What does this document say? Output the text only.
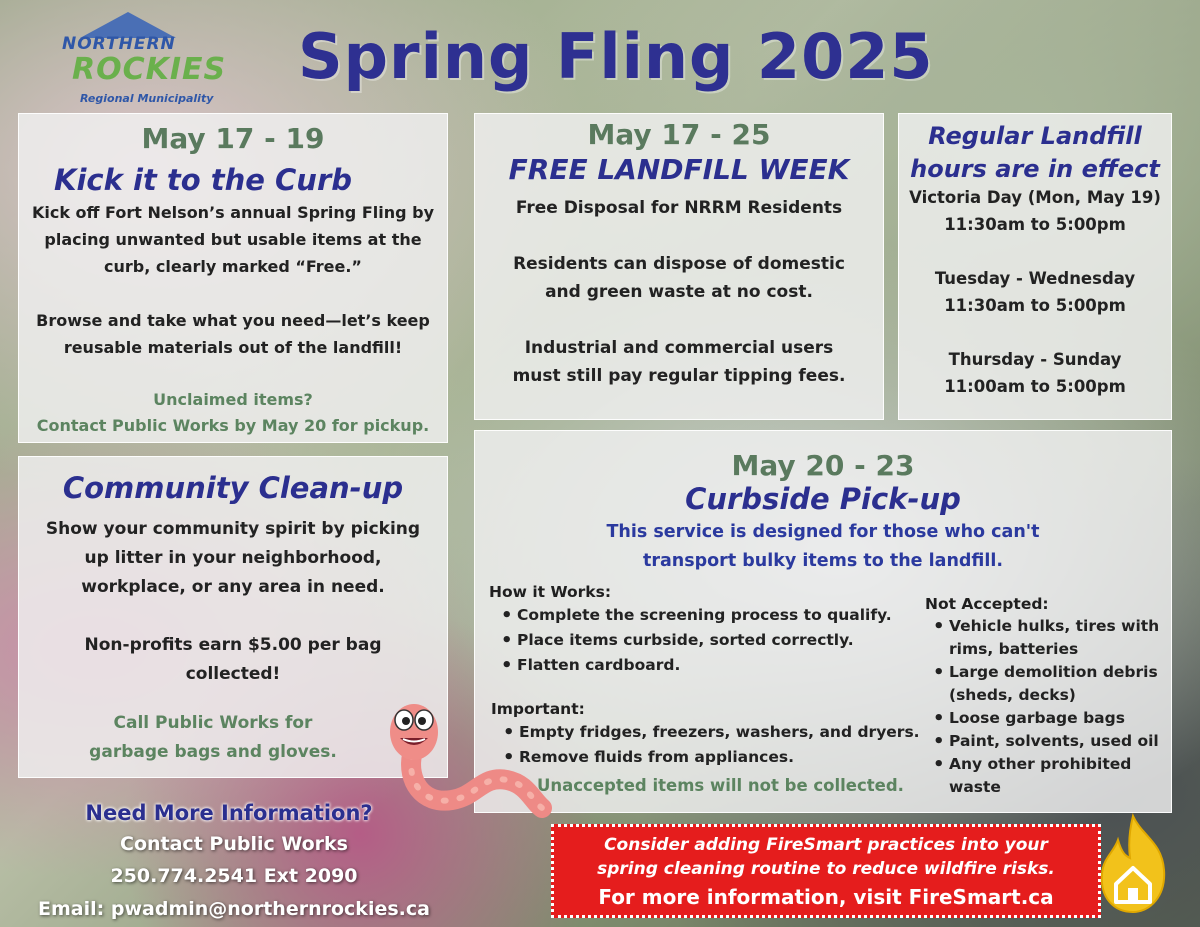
NORTHERN
ROCKIES
Regional Municipality
Spring Fling 2025
May 17 - 19
Kick it to the Curb
Kick off Fort Nelson’s annual Spring Fling by
placing unwanted but usable items at the
curb, clearly marked “Free.”
Browse and take what you need—let’s keep
reusable materials out of the landfill!
Unclaimed items?
Contact Public Works by May 20 for pickup.
May 17 - 25
FREE LANDFILL WEEK
Free Disposal for NRRM Residents
Residents can dispose of domestic
and green waste at no cost.
Industrial and commercial users
must still pay regular tipping fees.
Regular Landfill
hours are in effect
Victoria Day (Mon, May 19)
11:30am to 5:00pm
Tuesday - Wednesday
11:30am to 5:00pm
Thursday - Sunday
11:00am to 5:00pm
Community Clean-up
Show your community spirit by picking
up litter in your neighborhood,
workplace, or any area in need.
Non-profits earn $5.00 per bag
collected!
Call Public Works for
garbage bags and gloves.
May 20 - 23
Curbside Pick-up
This service is designed for those who can't
transport bulky items to the landfill.
How it Works:
• Complete the screening process to qualify.
• Place items curbside, sorted correctly.
• Flatten cardboard.
Important:
• Empty fridges, freezers, washers, and dryers.
• Remove fluids from appliances.
Unaccepted items will not be collected.
Not Accepted:
• Vehicle hulks, tires with
rims, batteries
• Large demolition debris
(sheds, decks)
• Loose garbage bags
• Paint, solvents, used oil
• Any other prohibited
waste
Need More Information?
Contact Public Works
250.774.2541 Ext 2090
Email: pwadmin@northernrockies.ca
Consider adding FireSmart practices into your
spring cleaning routine to reduce wildfire risks.
For more information, visit FireSmart.ca
